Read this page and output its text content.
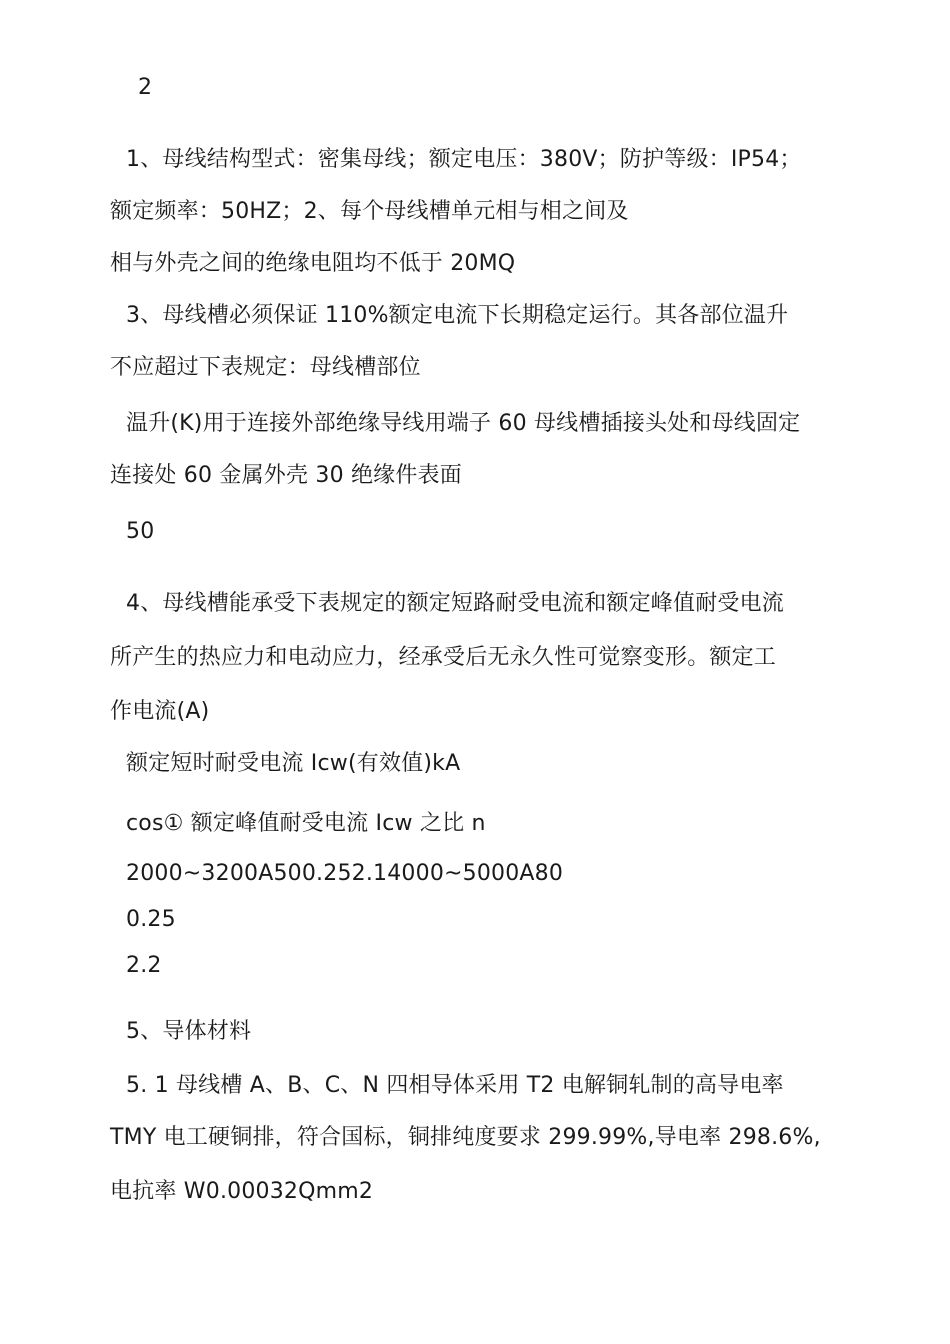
2
1、母线结构型式：密集母线；额定电压：380V；防护等级：IP54；
额定频率：50HZ；2、每个母线槽单元相与相之间及
相与外壳之间的绝缘电阻均不低于 20MQ
3、母线槽必须保证 110%额定电流下长期稳定运行。其各部位温升
不应超过下表规定：母线槽部位
温升(K)用于连接外部绝缘导线用端子 60 母线槽插接头处和母线固定
连接处 60 金属外壳 30 绝缘件表面
50
4、母线槽能承受下表规定的额定短路耐受电流和额定峰值耐受电流
所产生的热应力和电动应力，经承受后无永久性可觉察变形。额定工
作电流(A)
额定短时耐受电流 Icw(有效值)kA
cos① 额定峰值耐受电流 Icw 之比 n
2000~3200A500.252.14000~5000A80
0.25
2.2
5、导体材料
5. 1 母线槽 A、B、C、N 四相导体采用 T2 电解铜轧制的高导电率
TMY 电工硬铜排，符合国标，铜排纯度要求 299.99%,导电率 298.6%,
电抗率 W0.00032Qmm2
